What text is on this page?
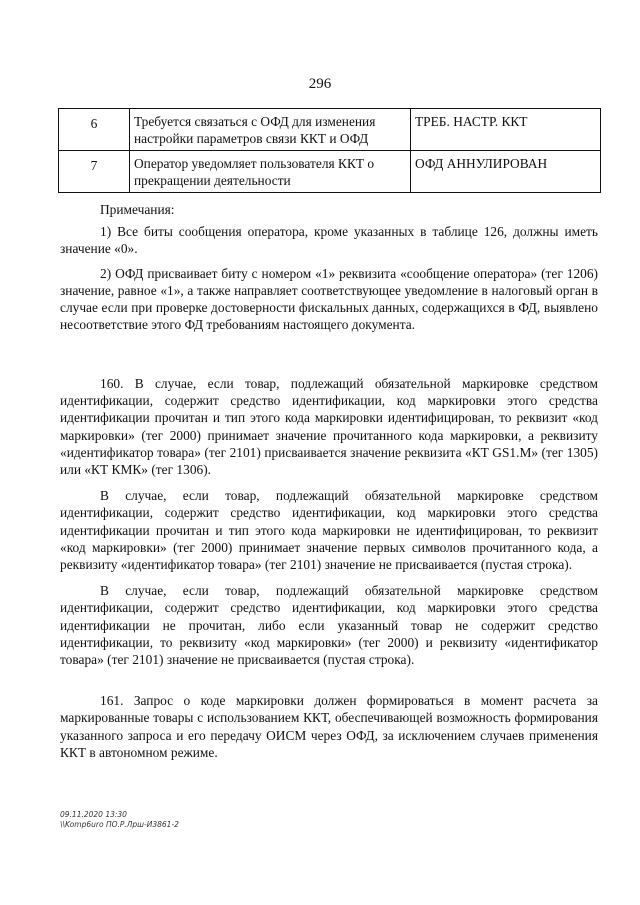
296
6	Требуется связаться с ОФД для изменения настройки параметров связи ККТ и ОФД	ТРЕБ. НАСТР. ККТ
7	Оператор уведомляет пользователя ККТ о прекращении деятельности	ОФД АННУЛИРОВАН

Примечания:

1) Все биты сообщения оператора, кроме указанных в таблице 126, должны иметь значение «0».

2) ОФД присваивает биту с номером «1» реквизита «сообщение оператора» (тег 1206) значение, равное «1», а также направляет соответствующее уведомление в налоговый орган в случае если при проверке достоверности фискальных данных, содержащихся в ФД, выявлено несоответствие этого ФД требованиям настоящего документа.

160. В случае, если товар, подлежащий обязательной маркировке средством идентификации, содержит средство идентификации, код маркировки этого средства идентификации прочитан и тип этого кода маркировки идентифицирован, то реквизит «код маркировки» (тег 2000) принимает значение прочитанного кода маркировки, а реквизиту «идентификатор товара» (тег 2101) присваивается значение реквизита «КТ GS1.M» (тег 1305) или «КТ КМК» (тег 1306).

В случае, если товар, подлежащий обязательной маркировке средством идентификации, содержит средство идентификации, код маркировки этого средства идентификации прочитан и тип этого кода маркировки не идентифицирован, то реквизит «код маркировки» (тег 2000) принимает значение первых символов прочитанного кода, а реквизиту «идентификатор товара» (тег 2101) значение не присваивается (пустая строка).

В случае, если товар, подлежащий обязательной маркировке средством идентификации, содержит средство идентификации, код маркировки этого средства идентификации не прочитан, либо если указанный товар не содержит средство идентификации, то реквизиту «код маркировки» (тег 2000) и реквизиту «идентификатор товара» (тег 2101) значение не присваивается (пустая строка).

161. Запрос о коде маркировки должен формироваться в момент расчета за маркированные товары с использованием ККТ, обеспечивающей возможность формирования указанного запроса и его передачу ОИСМ через ОФД, за исключением случаев применения ККТ в автономном режиме.

09.11.2020 13:30
\\Komp6uro ПО.Р.Лрш-И3861-2
